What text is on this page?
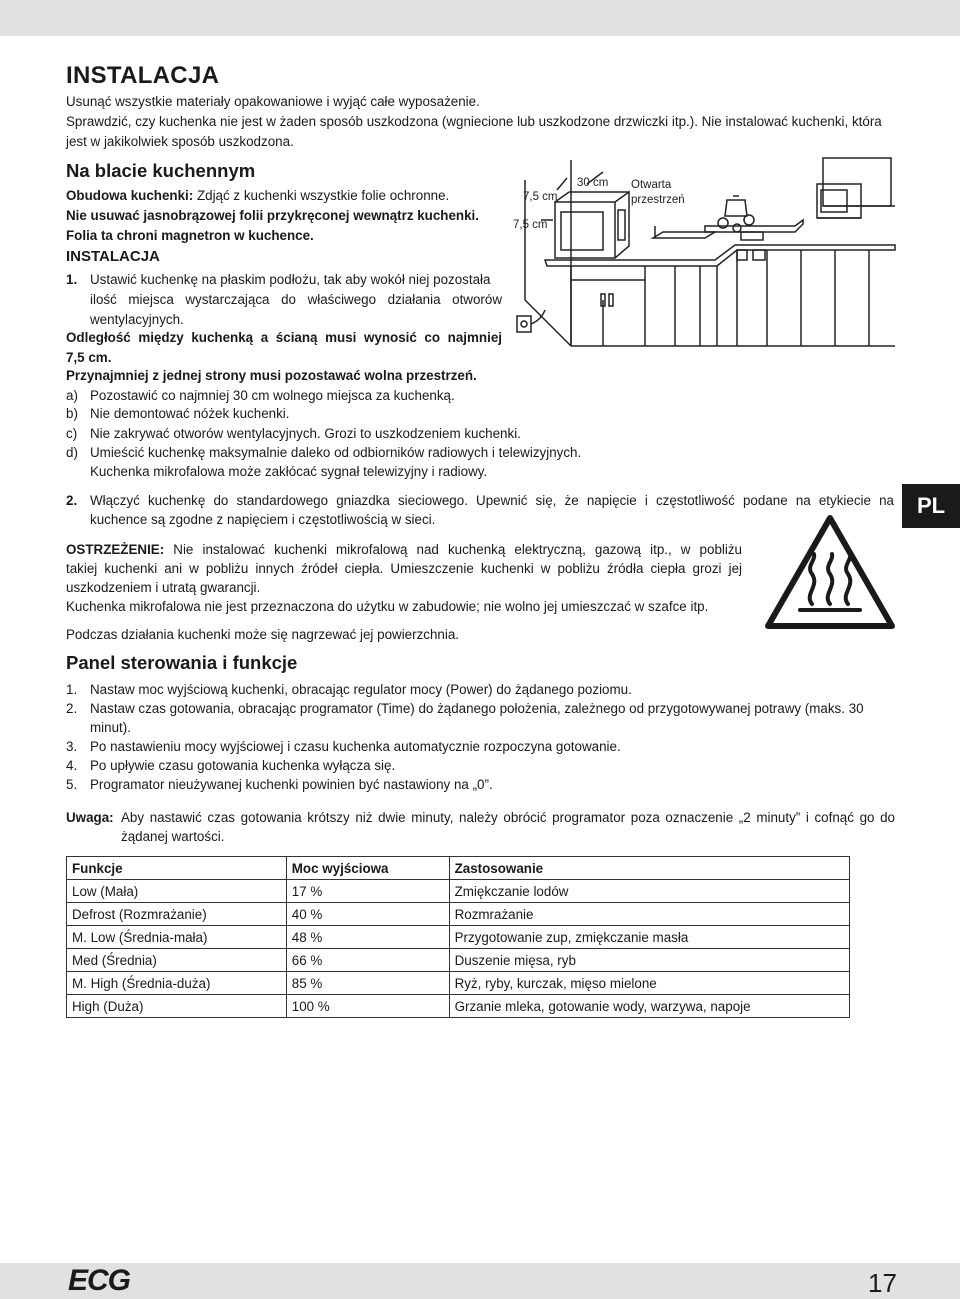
INSTALACJA
Usunąć wszystkie materiały opakowaniowe i wyjąć całe wyposażenie.
Sprawdzić, czy kuchenka nie jest w żaden sposób uszkodzona (wgniecione lub uszkodzone drzwiczki itp.). Nie instalować kuchenki, która
jest w jakikolwiek sposób uszkodzona.
Na blacie kuchennym
Obudowa kuchenki: Zdjąć z kuchenki wszystkie folie ochronne.
Nie usuwać jasnobrązowej folii przykręconej wewnątrz kuchenki.
Folia ta chroni magnetron w kuchence.
INSTALACJA
1. Ustawić kuchenkę na płaskim podłożu, tak aby wokół niej pozostała
ilość miejsca wystarczająca do właściwego działania otworów
wentylacyjnych.
Odległość między kuchenką a ścianą musi wynosić co najmniej
7,5 cm.
Przynajmniej z jednej strony musi pozostawać wolna przestrzeń.
a) Pozostawić co najmniej 30 cm wolnego miejsca za kuchenką.
b) Nie demontować nóżek kuchenki.
c) Nie zakrywać otworów wentylacyjnych. Grozi to uszkodzeniem kuchenki.
d) Umieścić kuchenkę maksymalnie daleko od odbiorników radiowych i telewizyjnych.
Kuchenka mikrofalowa może zakłócać sygnał telewizyjny i radiowy.
2. Włączyć kuchenkę do standardowego gniazdka sieciowego. Upewnić się, że napięcie i częstotliwość podane na etykiecie na
kuchence są zgodne z napięciem i częstotliwością w sieci.
30 cm
7,5 cm
7,5 cm
Otwarta
przestrzeń
PL
OSTRZEŻENIE: Nie instalować kuchenki mikrofalową nad kuchenką elektryczną, gazową itp., w pobliżu
takiej kuchenki ani w pobliżu innych źródeł ciepła. Umieszczenie kuchenki w pobliżu źródła ciepła grozi jej
uszkodzeniem i utratą gwarancji.
Kuchenka mikrofalowa nie jest przeznaczona do użytku w zabudowie; nie wolno jej umieszczać w szafce itp.
Podczas działania kuchenki może się nagrzewać jej powierzchnia.
Panel sterowania i funkcje
1. Nastaw moc wyjściową kuchenki, obracając regulator mocy (Power) do żądanego poziomu.
2. Nastaw czas gotowania, obracając programator (Time) do żądanego położenia, zależnego od przygotowywanej potrawy (maks. 30
minut).
3. Po nastawieniu mocy wyjściowej i czasu kuchenka automatycznie rozpoczyna gotowanie.
4. Po upływie czasu gotowania kuchenka wyłącza się.
5. Programator nieużywanej kuchenki powinien być nastawiony na „0”.
Uwaga: Aby nastawić czas gotowania krótszy niż dwie minuty, należy obrócić programator poza oznaczenie „2 minuty” i cofnąć go do
żądanej wartości.
Funkcje	Moc wyjściowa	Zastosowanie
Low (Mała)	17 %	Zmiękczanie lodów
Defrost (Rozmrażanie)	40 %	Rozmrażanie
M. Low (Średnia-mała)	48 %	Przygotowanie zup, zmiękczanie masła
Med (Średnia)	66 %	Duszenie mięsa, ryb
M. High (Średnia-duża)	85 %	Ryż, ryby, kurczak, mięso mielone
High (Duża)	100 %	Grzanie mleka, gotowanie wody, warzywa, napoje
ECG	17
